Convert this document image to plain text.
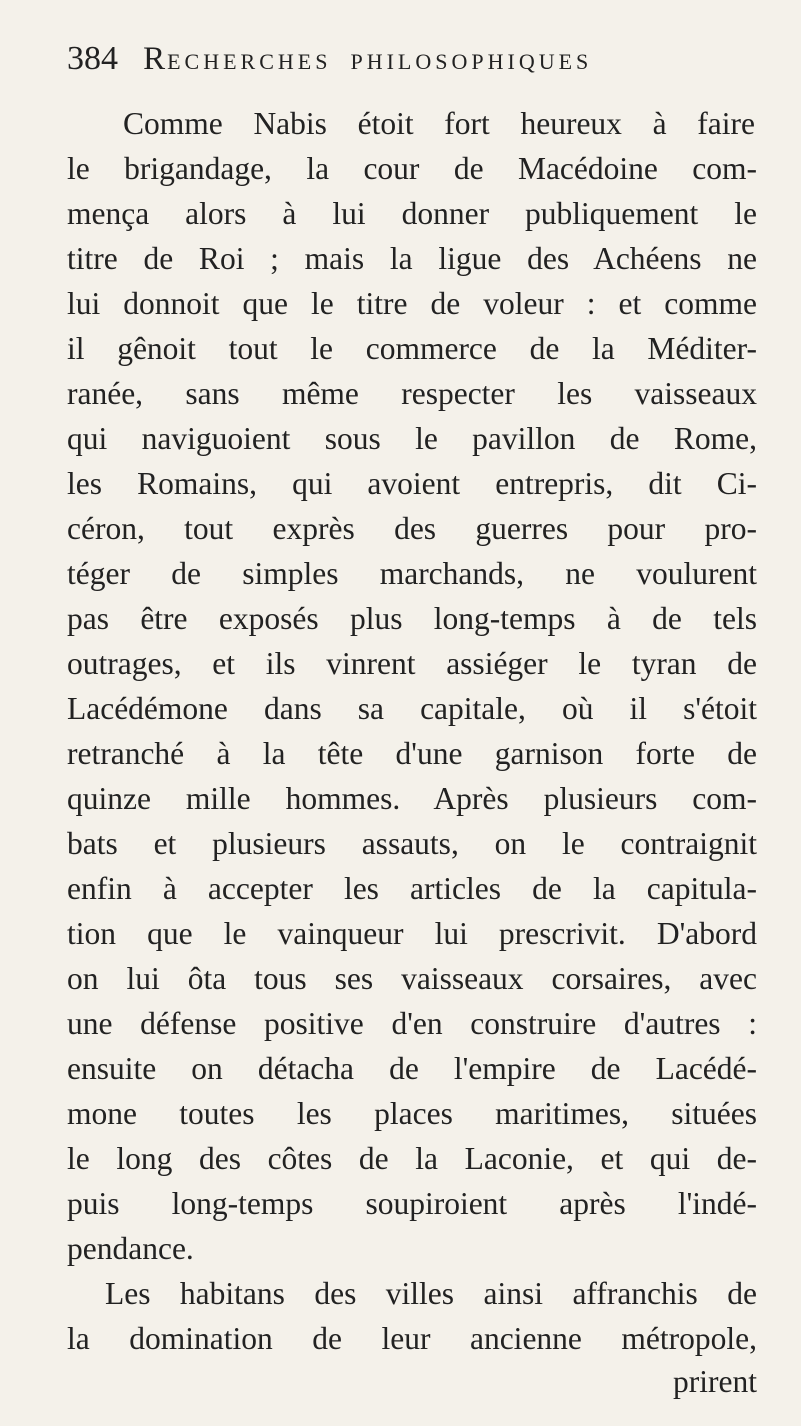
384 RECHERCHES PHILOSOPHIQUES
Comme Nabis étoit fort heureux à faire
le brigandage, la cour de Macédoine com-
mença alors à lui donner publiquement le
titre de Roi ; mais la ligue des Achéens ne
lui donnoit que le titre de voleur : et comme
il gênoit tout le commerce de la Méditer-
ranée, sans même respecter les vaisseaux
qui naviguoient sous le pavillon de Rome,
les Romains, qui avoient entrepris, dit Ci-
céron, tout exprès des guerres pour pro-
téger de simples marchands, ne voulurent
pas être exposés plus long-temps à de tels
outrages, et ils vinrent assiéger le tyran de
Lacédémone dans sa capitale, où il s'étoit
retranché à la tête d'une garnison forte de
quinze mille hommes. Après plusieurs com-
bats et plusieurs assauts, on le contraignit
enfin à accepter les articles de la capitula-
tion que le vainqueur lui prescrivit. D'abord
on lui ôta tous ses vaisseaux corsaires, avec
une défense positive d'en construire d'autres :
ensuite on détacha de l'empire de Lacédé-
mone toutes les places maritimes, situées
le long des côtes de la Laconie, et qui de-
puis long-temps soupiroient après l'indé-
pendance.
Les habitans des villes ainsi affranchis de
la domination de leur ancienne métropole,
prirent
